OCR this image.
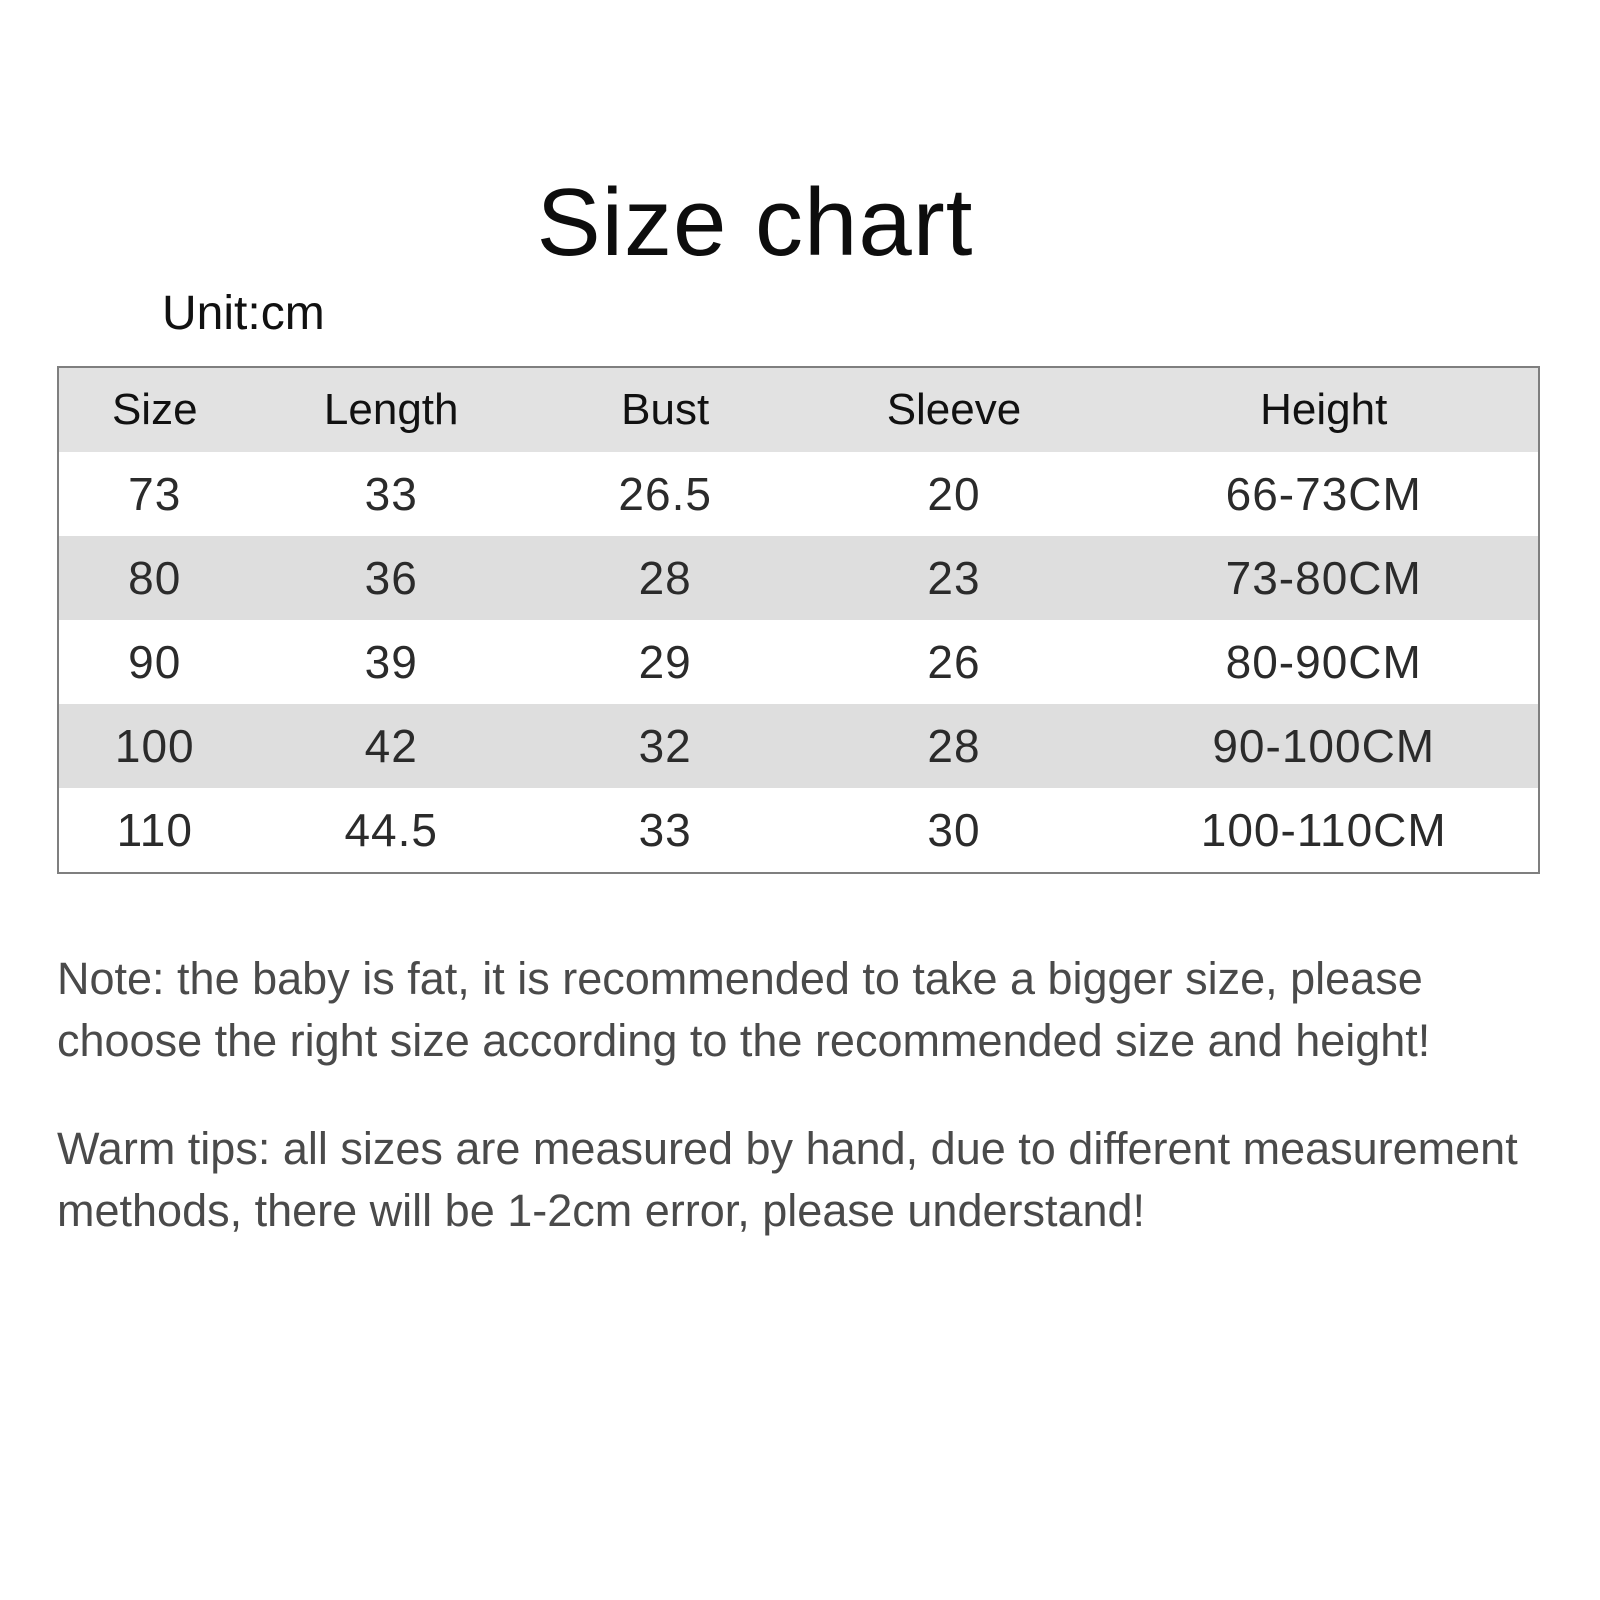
Size chart
Unit:cm
Size	Length	Bust	Sleeve	Height
73	33	26.5	20	66-73CM
80	36	28	23	73-80CM
90	39	29	26	80-90CM
100	42	32	28	90-100CM
110	44.5	33	30	100-110CM

Note: the baby is fat, it is recommended to take a bigger size, please choose the right size according to the recommended size and height!

Warm tips: all sizes are measured by hand, due to different measurement methods, there will be 1-2cm error, please understand!
